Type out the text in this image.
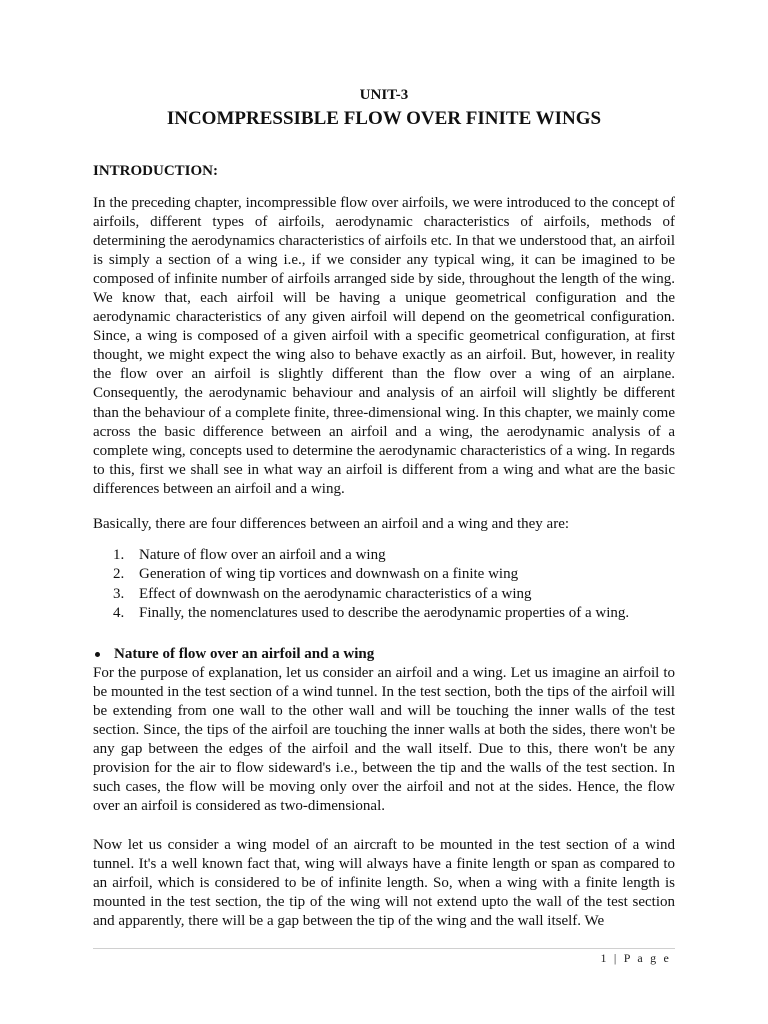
UNIT-3
INCOMPRESSIBLE FLOW OVER FINITE WINGS
INTRODUCTION:

In the preceding chapter, incompressible flow over airfoils, we were introduced to the concept of airfoils, different types of airfoils, aerodynamic characteristics of airfoils, methods of determining the aerodynamics characteristics of airfoils etc. In that we understood that, an airfoil is simply a section of a wing i.e., if we consider any typical wing, it can be imagined to be composed of infinite number of airfoils arranged side by side, throughout the length of the wing. We know that, each airfoil will be having a unique geometrical configuration and the aerodynamic characteristics of any given airfoil will depend on the geometrical configuration. Since, a wing is composed of a given airfoil with a specific geometrical configuration, at first thought, we might expect the wing also to behave exactly as an airfoil. But, however, in reality the flow over an airfoil is slightly different than the flow over a wing of an airplane. Consequently, the aerodynamic behaviour and analysis of an airfoil will slightly be different than the behaviour of a complete finite, three-dimensional wing. In this chapter, we mainly come across the basic difference between an airfoil and a wing, the aerodynamic analysis of a complete wing, concepts used to determine the aerodynamic characteristics of a wing. In regards to this, first we shall see in what way an airfoil is different from a wing and what are the basic differences between an airfoil and a wing.

Basically, there are four differences between an airfoil and a wing and they are:

1. Nature of flow over an airfoil and a wing
2. Generation of wing tip vortices and downwash on a finite wing
3. Effect of downwash on the aerodynamic characteristics of a wing
4. Finally, the nomenclatures used to describe the aerodynamic properties of a wing.
Nature of flow over an airfoil and a wing

For the purpose of explanation, let us consider an airfoil and a wing. Let us imagine an airfoil to be mounted in the test section of a wind tunnel. In the test section, both the tips of the airfoil will be extending from one wall to the other wall and will be touching the inner walls of the test section. Since, the tips of the airfoil are touching the inner walls at both the sides, there won't be any gap between the edges of the airfoil and the wall itself. Due to this, there won't be any provision for the air to flow sideward's i.e., between the tip and the walls of the test section. In such cases, the flow will be moving only over the airfoil and not at the sides. Hence, the flow over an airfoil is considered as two-dimensional.

Now let us consider a wing model of an aircraft to be mounted in the test section of a wind tunnel. It's a well known fact that, wing will always have a finite length or span as compared to an airfoil, which is considered to be of infinite length. So, when a wing with a finite length is mounted in the test section, the tip of the wing will not extend upto the wall of the test section and apparently, there will be a gap between the tip of the wing and the wall itself. We

1 | P a g e
